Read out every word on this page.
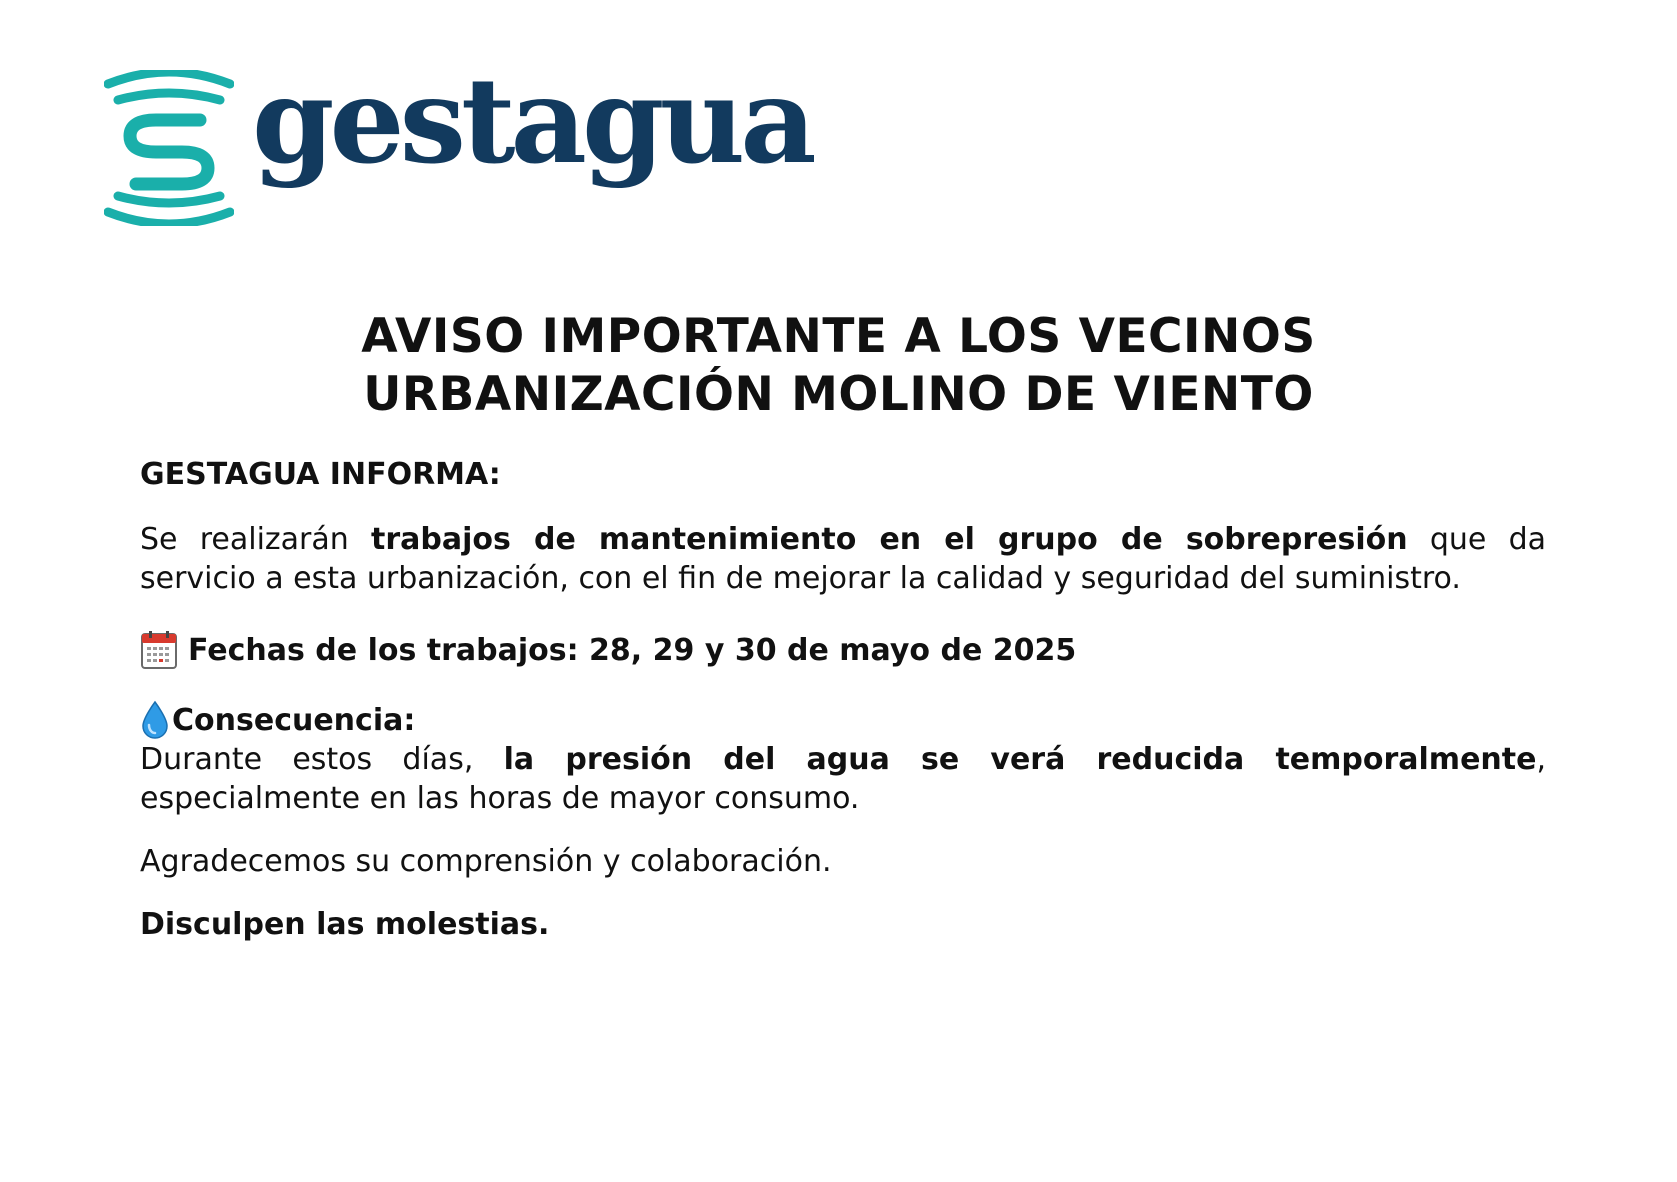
gestagua
AVISO IMPORTANTE A LOS VECINOS
URBANIZACIÓN MOLINO DE VIENTO

GESTAGUA INFORMA:

Se realizarán trabajos de mantenimiento en el grupo de sobrepresión que da
servicio a esta urbanización, con el fin de mejorar la calidad y seguridad del suministro.
Fechas de los trabajos: 28, 29 y 30 de mayo de 2025
Consecuencia:
Durante estos días, la presión del agua se verá reducida temporalmente,
especialmente en las horas de mayor consumo.

Agradecemos su comprensión y colaboración.

Disculpen las molestias.
